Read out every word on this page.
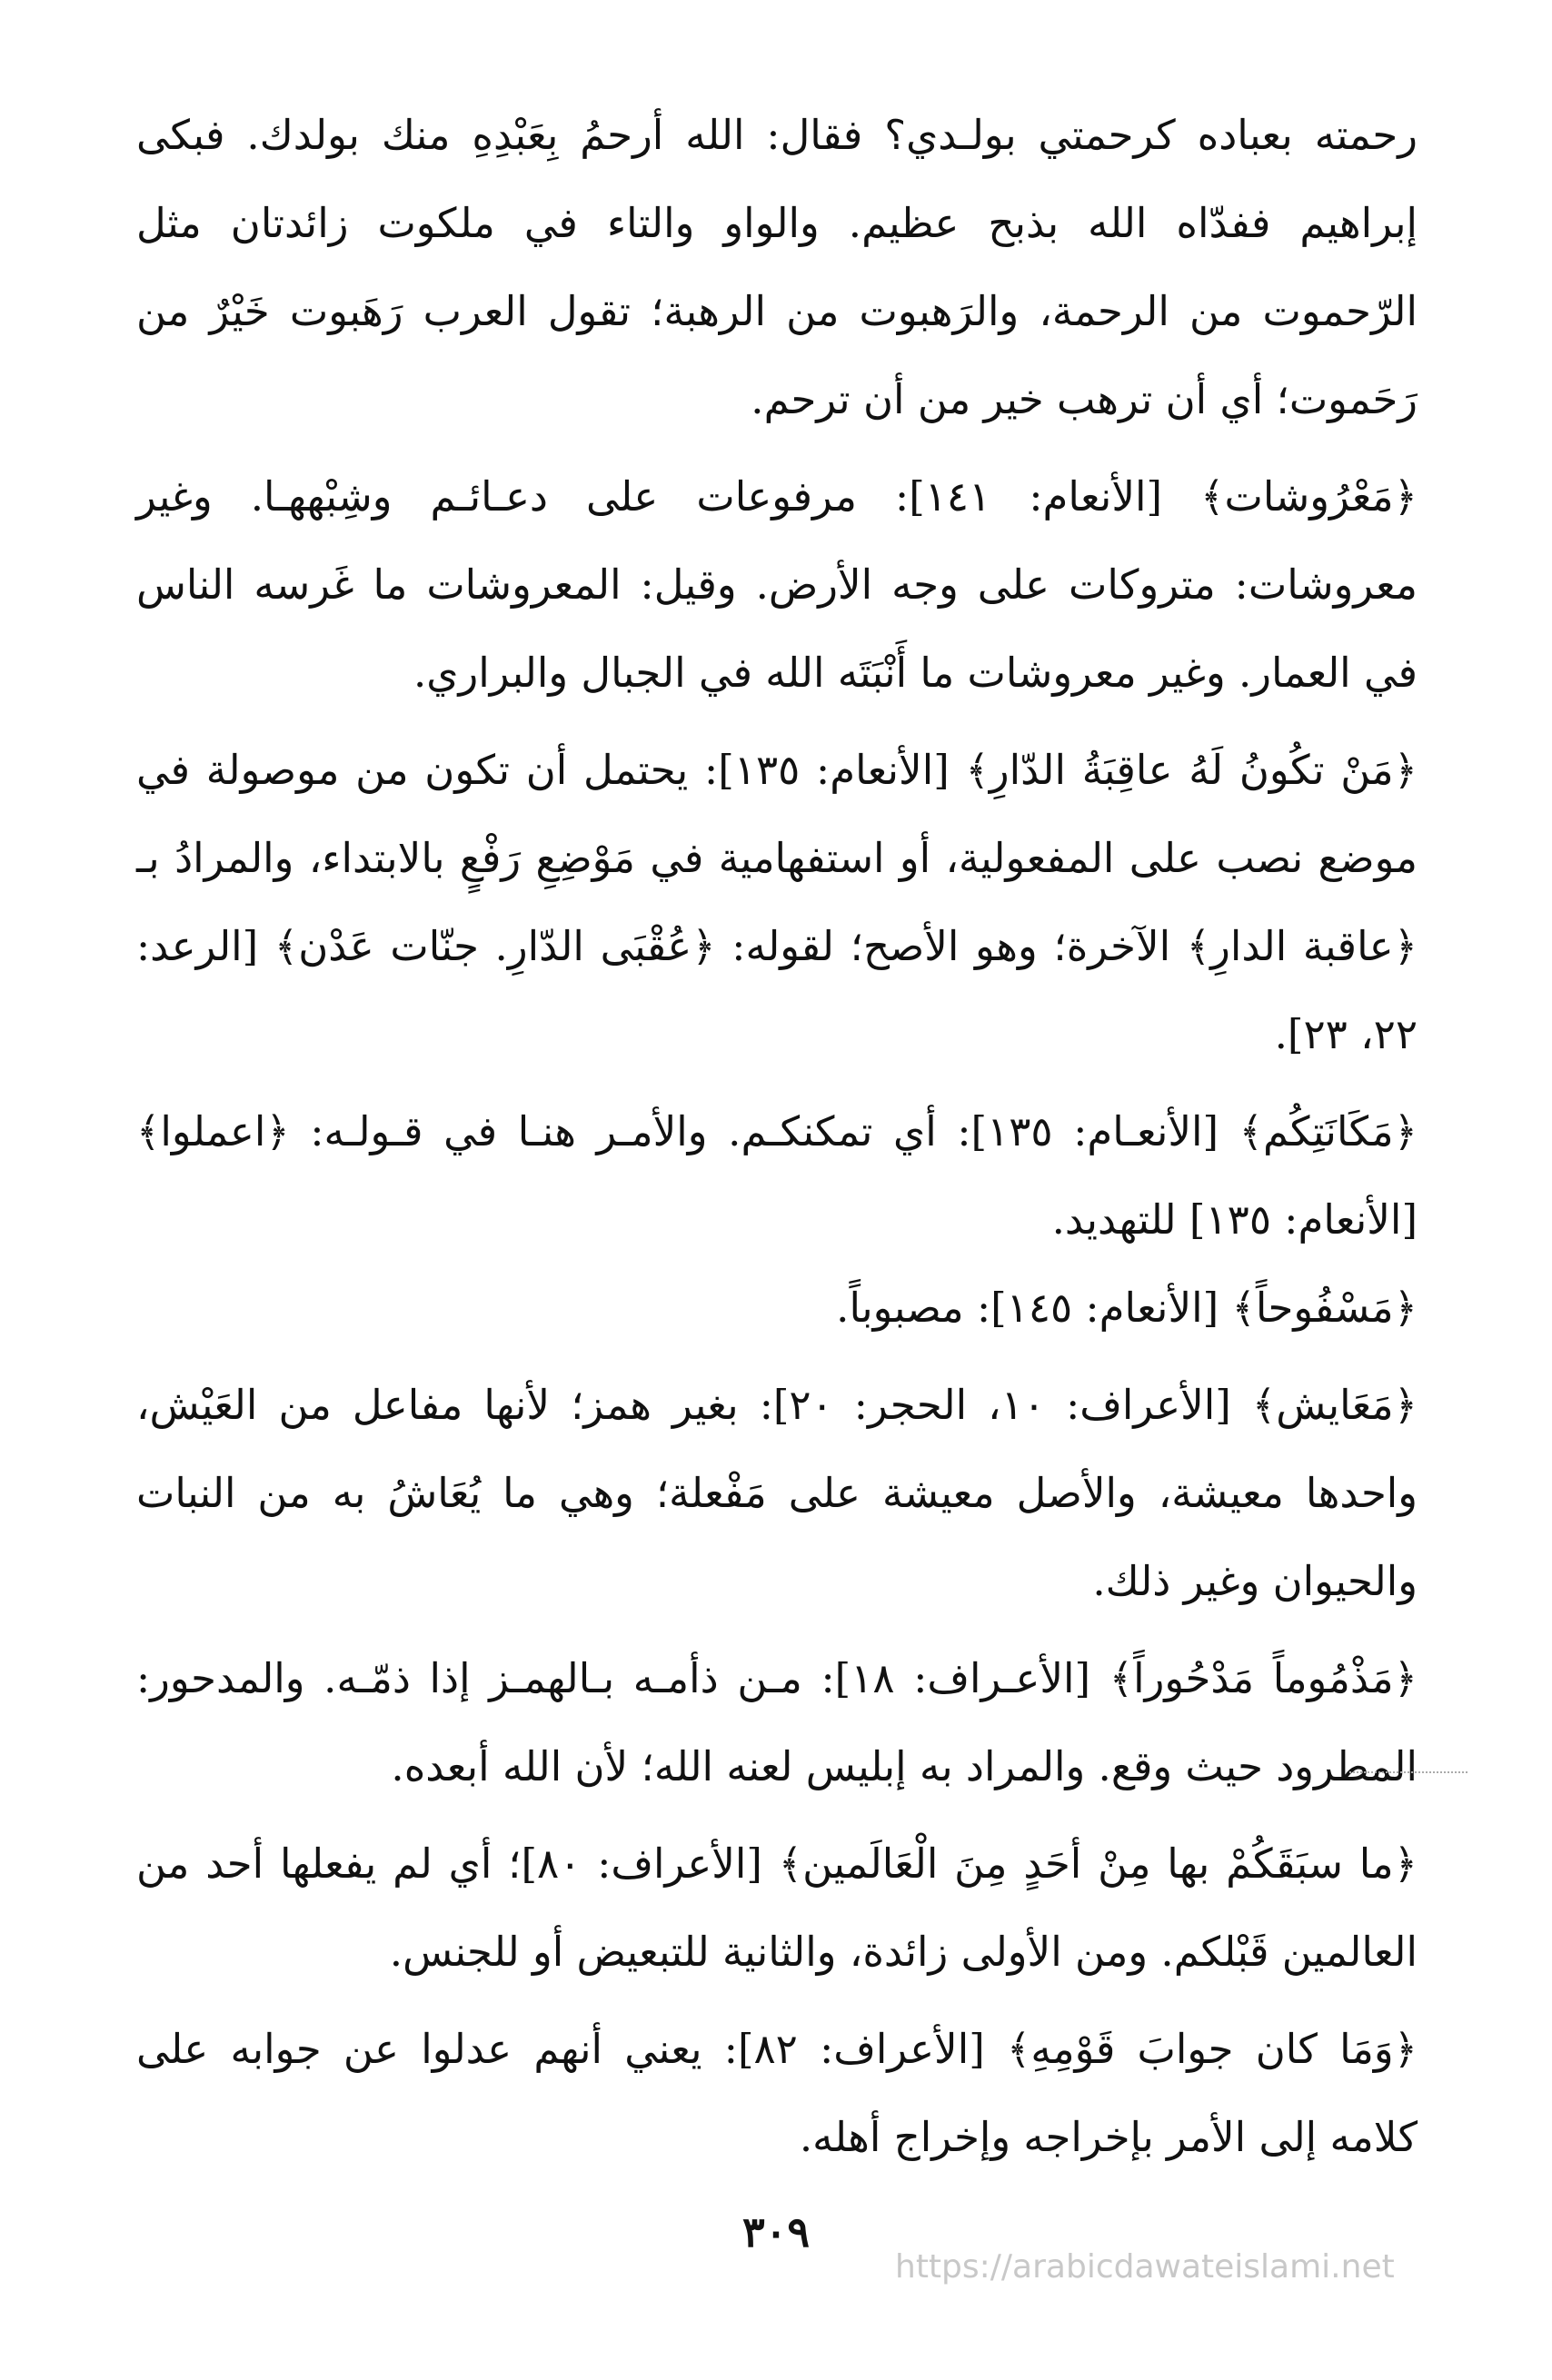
رحمته بعباده كرحمتي بولـدي؟ فقال: الله أرحمُ بِعَبْدِهِ منك بولدك. فبكى إبراهيم ففدّاه الله بذبح عظيم. والواو والتاء في ملكوت زائدتان مثل الرّحموت من الرحمة، والرَهبوت من الرهبة؛ تقول العرب رَهَبوت خَيْرٌ من رَحَموت؛ أي أن ترهب خير من أن ترحم.

﴿مَعْرُوشات﴾ [الأنعام: ١٤١]: مرفوعات على دعـائـم وشِبْههـا. وغير معروشات: متروكات على وجه الأرض. وقيل: المعروشات ما غَرسه الناس في العمار. وغير معروشات ما أَنْبَتَه الله في الجبال والبراري.

﴿مَنْ تكُونُ لَهُ عاقِبَةُ الدّارِ﴾ [الأنعام: ١٣٥]: يحتمل أن تكون من موصولة في موضع نصب على المفعولية، أو استفهامية في مَوْضِعِ رَفْعٍ بالابتداء، والمرادُ بـ ﴿عاقبة الدارِ﴾ الآخرة؛ وهو الأصح؛ لقوله: ﴿عُقْبَى الدّارِ. جنّات عَدْن﴾ [الرعد: ٢٢، ٢٣].

﴿مَكَانَتِكُم﴾ [الأنعـام: ١٣٥]: أي تمكنكـم. والأمـر هنـا في قـولـه: ﴿اعملوا﴾ [الأنعام: ١٣٥] للتهديد.

﴿مَسْفُوحاً﴾ [الأنعام: ١٤٥]: مصبوباً.

﴿مَعَايش﴾ [الأعراف: ١٠، الحجر: ٢٠]: بغير همز؛ لأنها مفاعل من العَيْش، واحدها معيشة، والأصل معيشة على مَفْعلة؛ وهي ما يُعَاشُ به من النبات والحيوان وغير ذلك.

﴿مَذْمُوماً مَدْحُوراً﴾ [الأعـراف: ١٨]: مـن ذأمـه بـالهمـز إذا ذمّـه. والمدحور: المطرود حيث وقع. والمراد به إبليس لعنه الله؛ لأن الله أبعده.

﴿ما سبَقَكُمْ بها مِنْ أحَدٍ مِنَ الْعَالَمين﴾ [الأعراف: ٨٠]؛ أي لم يفعلها أحد من العالمين قَبْلكم. ومن الأولى زائدة، والثانية للتبعيض أو للجنس.

﴿وَمَا كان جوابَ قَوْمِهِ﴾ [الأعراف: ٨٢]: يعني أنهم عدلوا عن جوابه على كلامه إلى الأمر بإخراجه وإخراج أهله.

٣٠٩
https://arabicdawateislami.net
